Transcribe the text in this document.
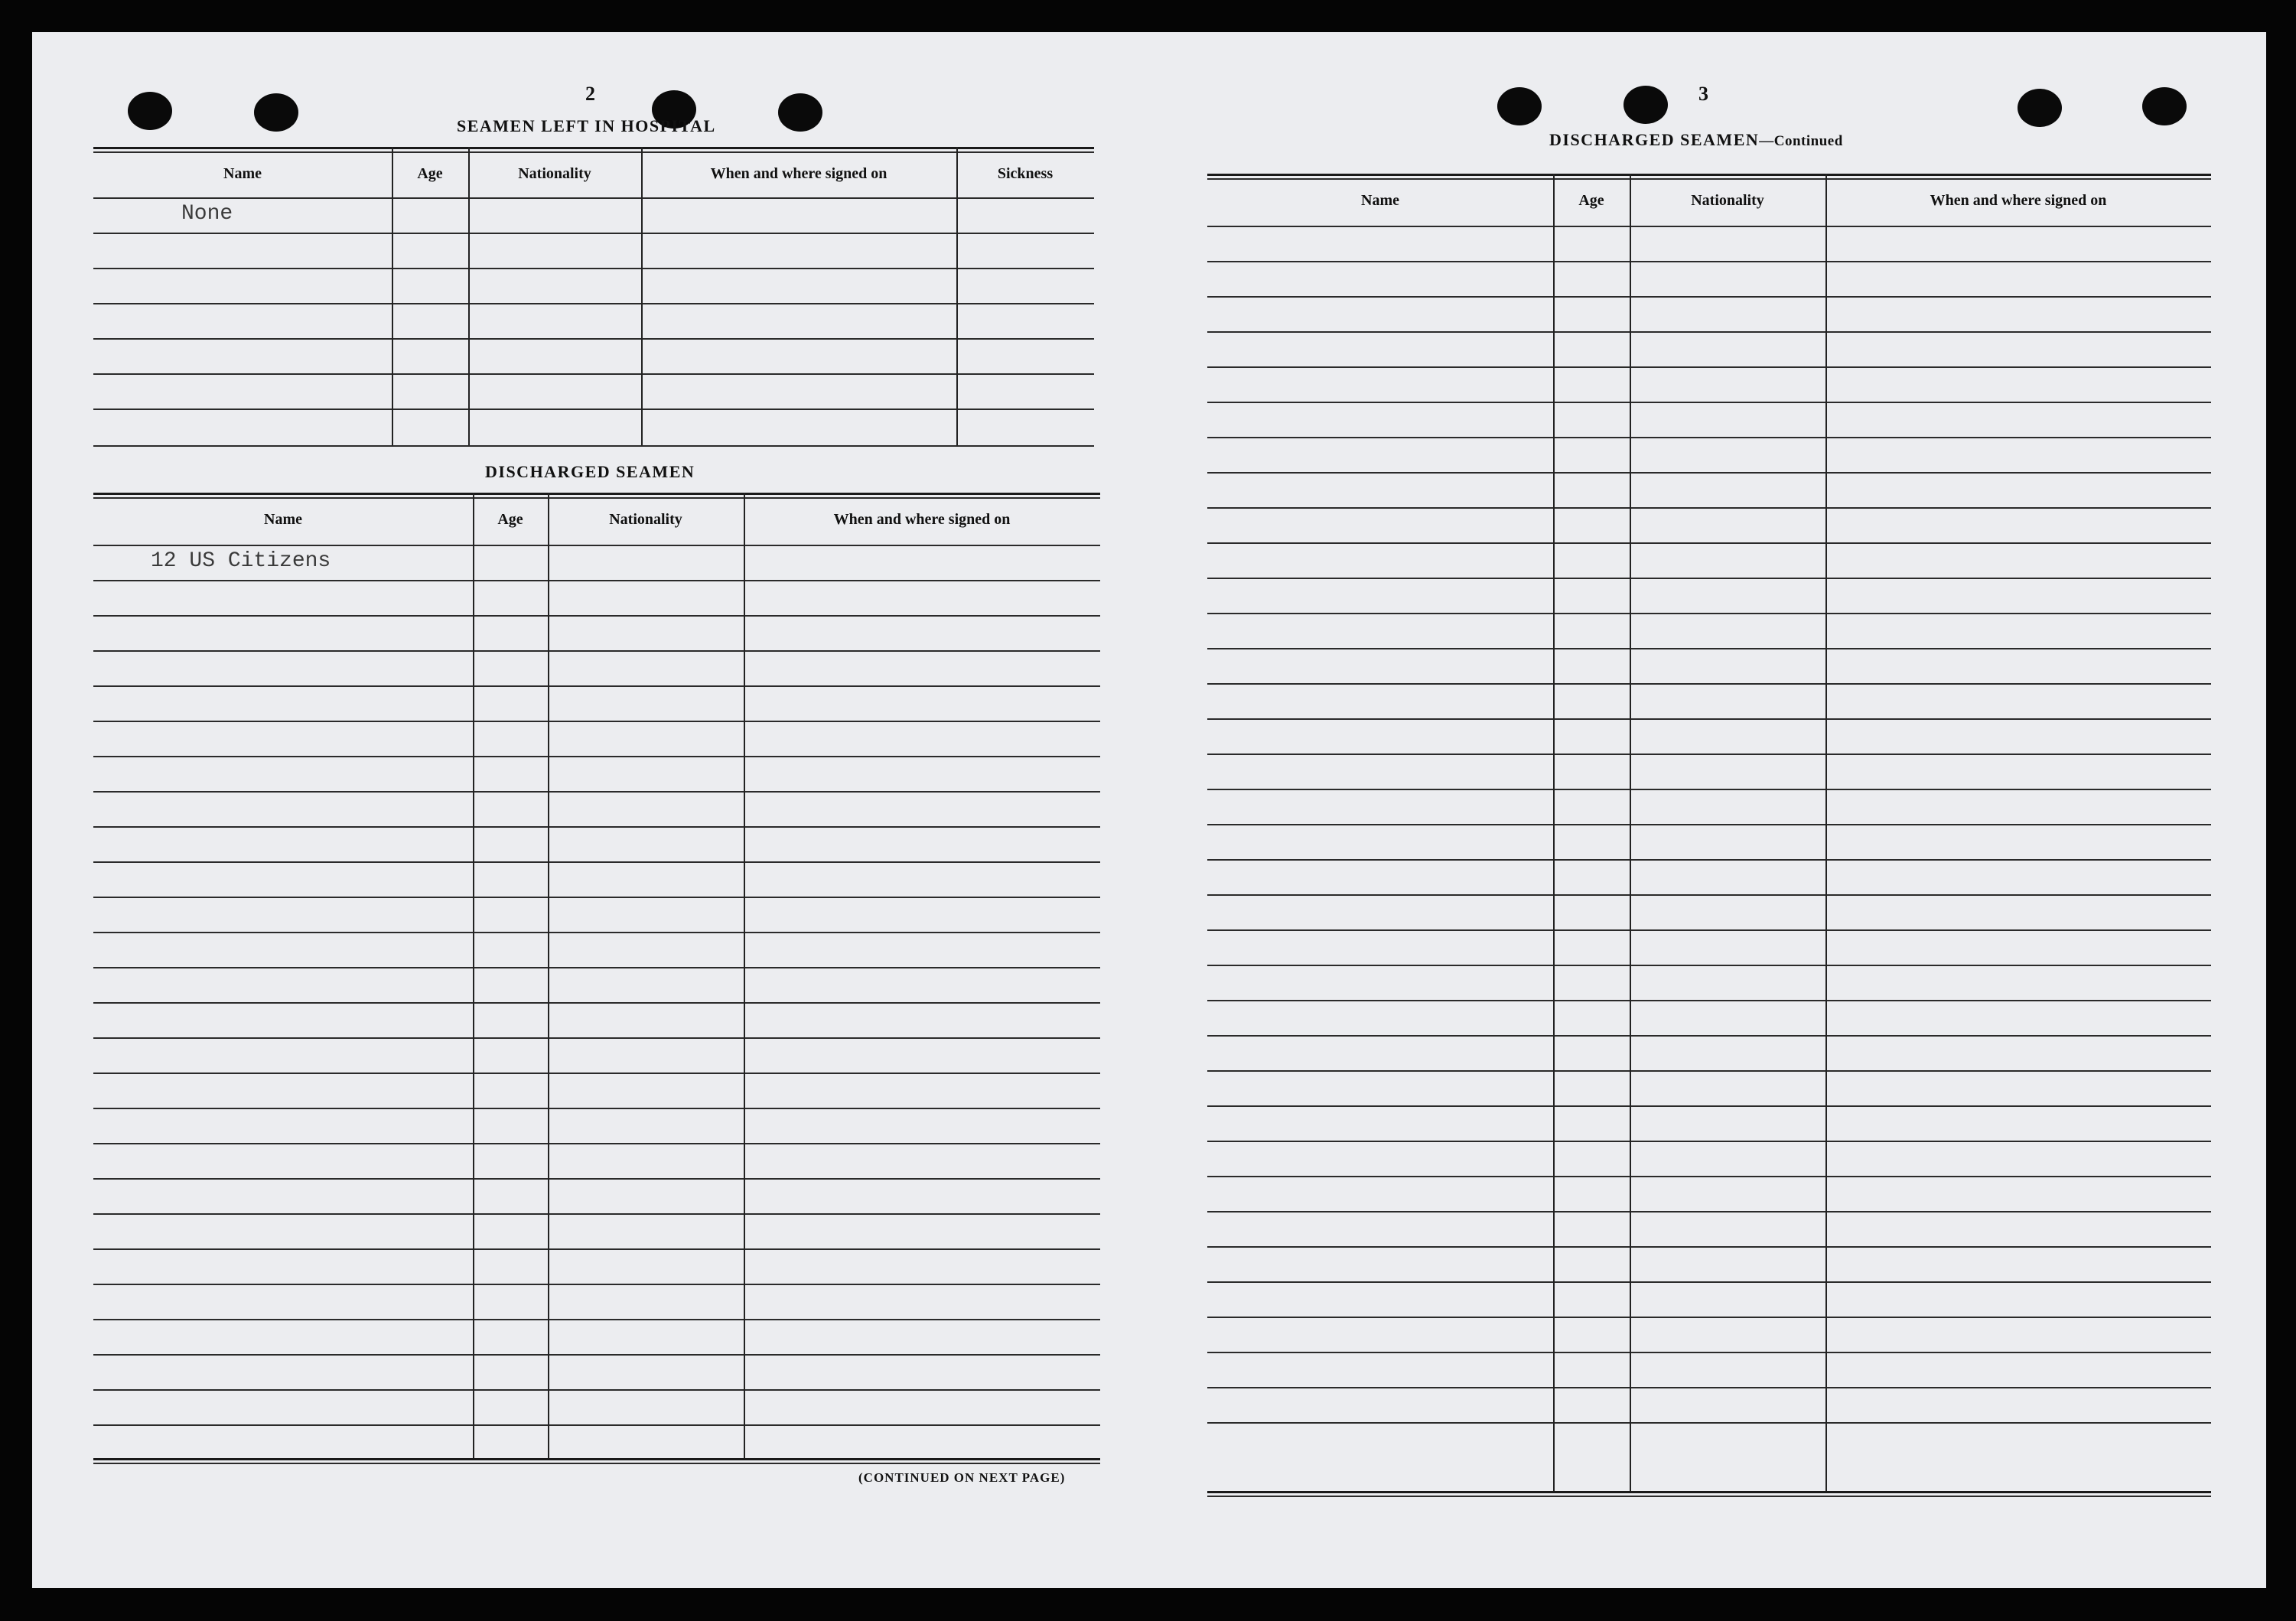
2
SEAMEN LEFT IN HOSPITAL
Name	Age	Nationality	When and where signed on	Sickness
None
DISCHARGED SEAMEN
Name	Age	Nationality	When and where signed on
12 US Citizens
(CONTINUED ON NEXT PAGE)
3
DISCHARGED SEAMEN—Continued
Name	Age	Nationality	When and where signed on
